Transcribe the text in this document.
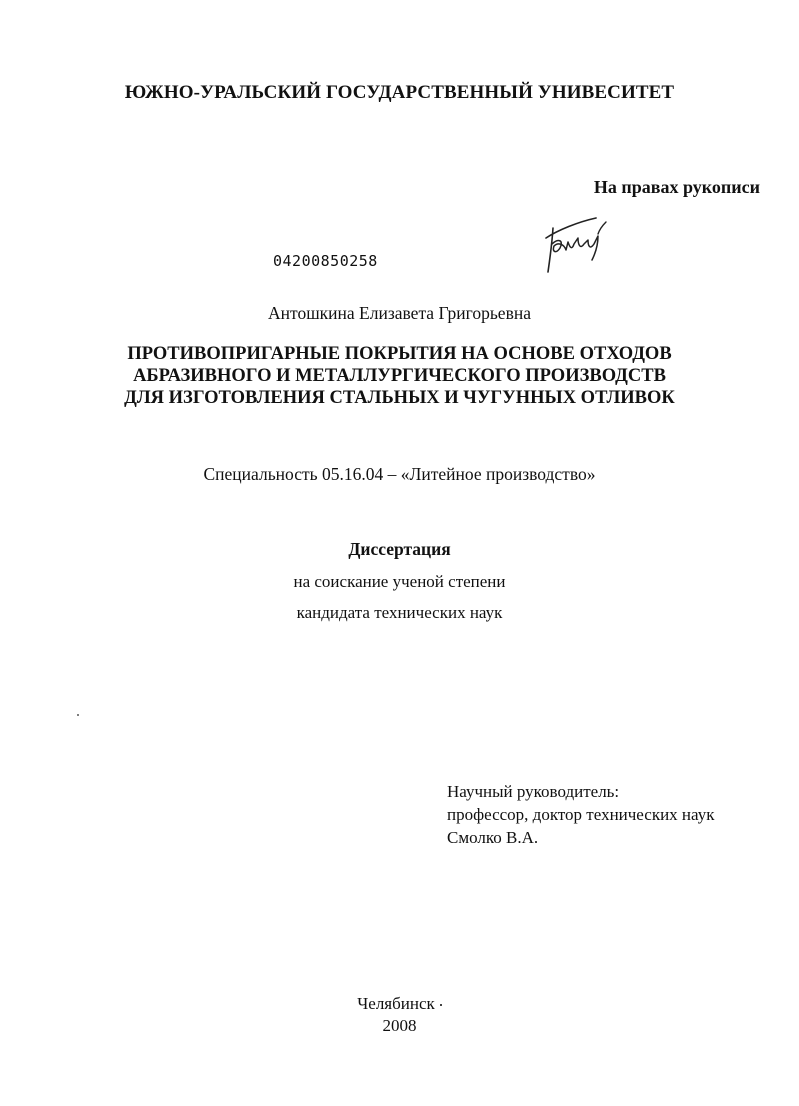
ЮЖНО-УРАЛЬСКИЙ ГОСУДАРСТВЕННЫЙ УНИВЕСИТЕТ
На правах рукописи
04200850258
Антошкина Елизавета Григорьевна
ПРОТИВОПРИГАРНЫЕ ПОКРЫТИЯ НА ОСНОВЕ ОТХОДОВ
АБРАЗИВНОГО И МЕТАЛЛУРГИЧЕСКОГО ПРОИЗВОДСТВ
ДЛЯ ИЗГОТОВЛЕНИЯ СТАЛЬНЫХ И ЧУГУННЫХ ОТЛИВОК
Специальность 05.16.04 – «Литейное производство»
Диссертация
на соискание ученой степени
кандидата технических наук
Научный руководитель:
профессор, доктор технических наук
Смолко В.А.
Челябинск
2008
